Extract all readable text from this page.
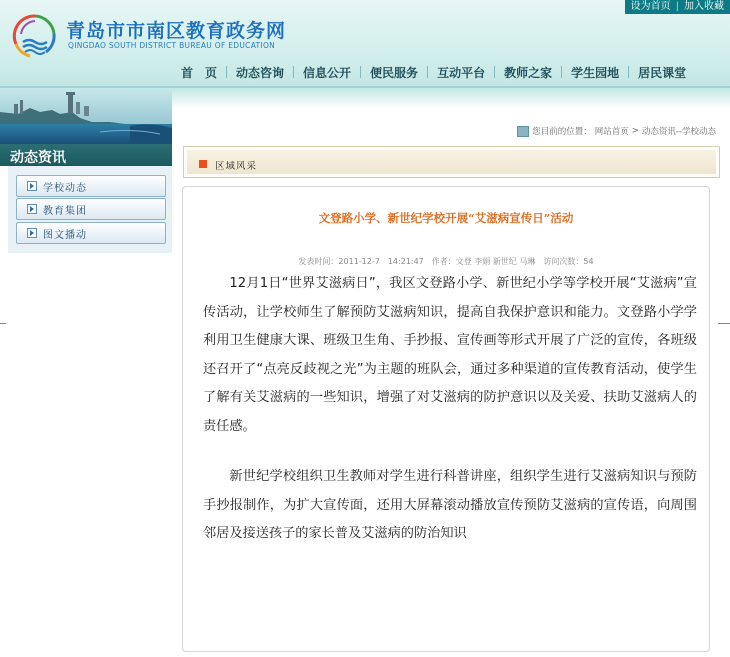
设为首页 | 加入收藏
青岛市市南区教育政务网
QINGDAO SOUTH DISTRICT BUREAU OF EDUCATION
首　页	动态咨询	信息公开	便民服务	互动平台	教师之家	学生园地	居民课堂
动态资讯
学校动态
教育集团
图文播动
您目前的位置： 网站首页 > 动态资讯--学校动态
区域风采
文登路小学、新世纪学校开展“艾滋病宣传日”活动
发表时间：2011-12-7　14:21:47　作者：文登 李娟 新世纪 马琳　访问次数：54
12月1日“世界艾滋病日”，我区文登路小学、新世纪小学等学校开展“艾滋病”宣传活动，让学校师生了解预防艾滋病知识，提高自我保护意识和能力。文登路小学学利用卫生健康大课、班级卫生角、手抄报、宣传画等形式开展了广泛的宣传，各班级还召开了“点亮反歧视之光”为主题的班队会，通过多种渠道的宣传教育活动，使学生了解有关艾滋病的一些知识，增强了对艾滋病的防护意识以及关爱、扶助艾滋病人的责任感。
新世纪学校组织卫生教师对学生进行科普讲座，组织学生进行艾滋病知识与预防手抄报制作，为扩大宣传面，还用大屏幕滚动播放宣传预防艾滋病的宣传语，向周围邻居及接送孩子的家长普及艾滋病的防治知识
